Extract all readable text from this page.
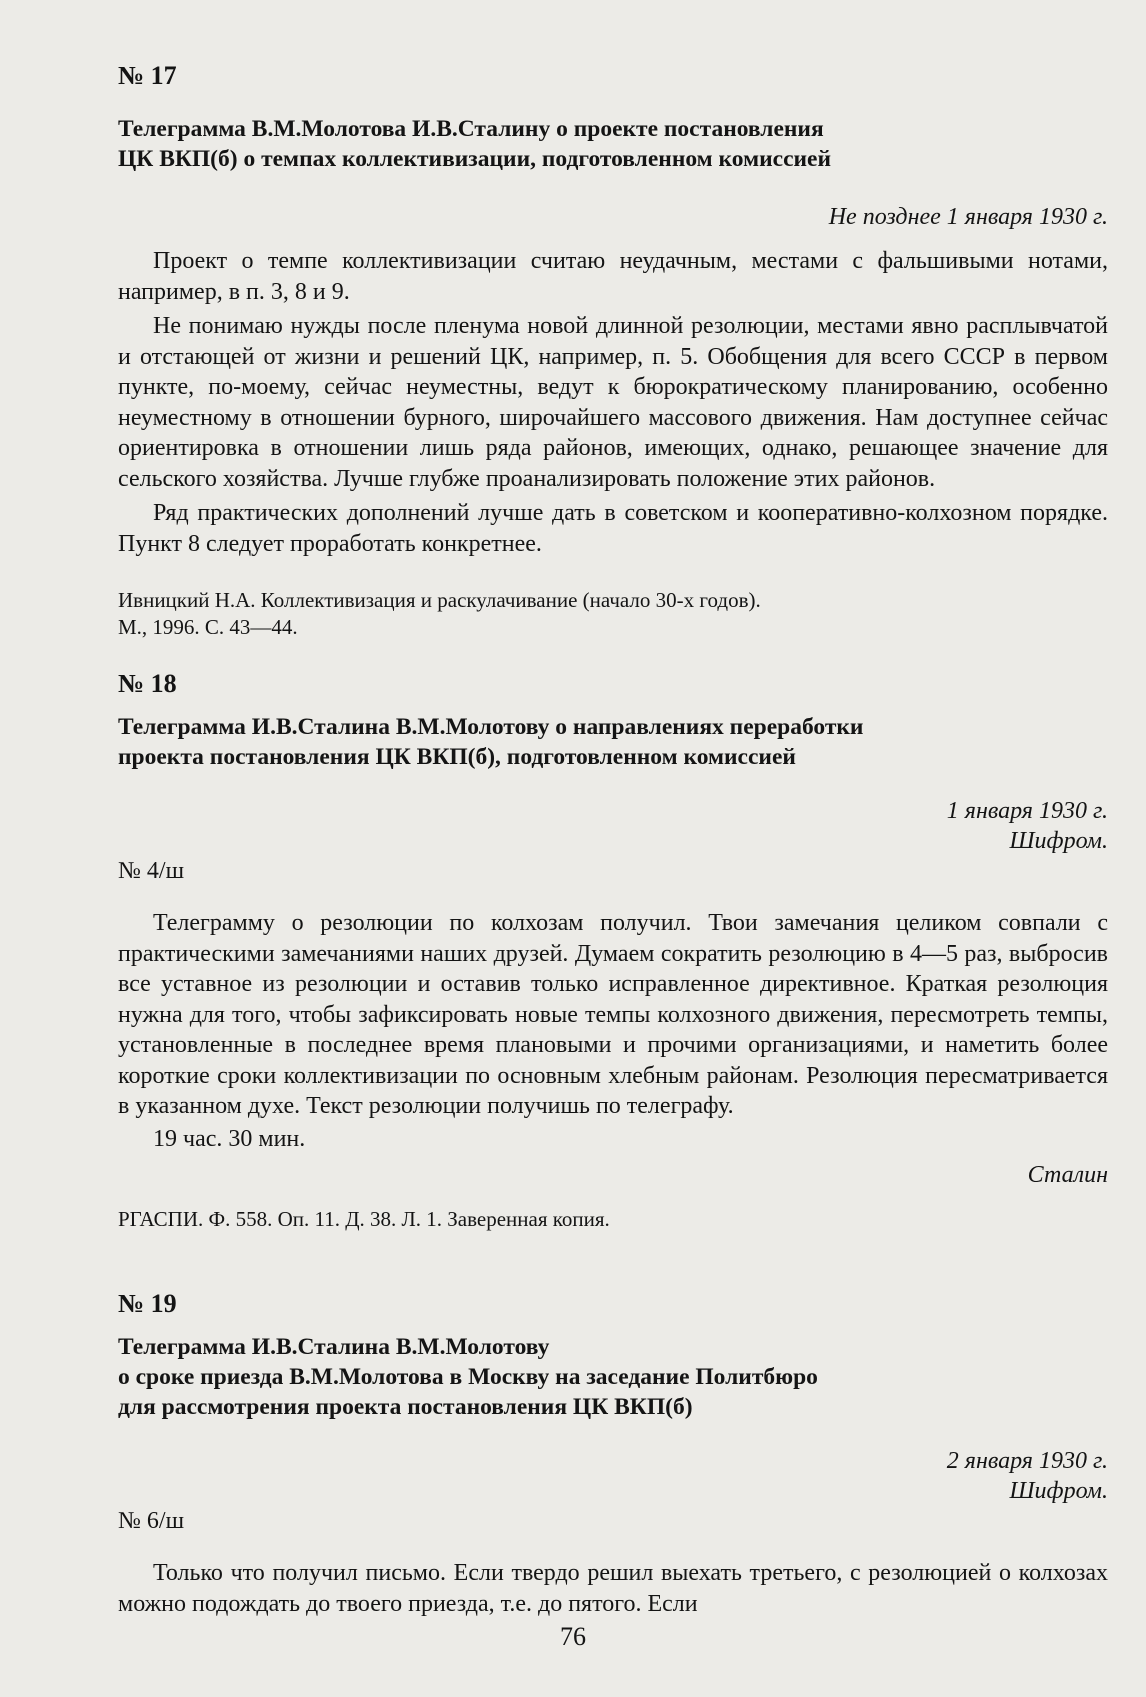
№ 17

Телеграмма В.М.Молотова И.В.Сталину о проекте постановления
ЦК ВКП(б) о темпах коллективизации, подготовленном комиссией

Не позднее 1 января 1930 г.

Проект о темпе коллективизации считаю неудачным, местами с фальшивыми нотами, например, в п. 3, 8 и 9.

Не понимаю нужды после пленума новой длинной резолюции, местами явно расплывчатой и отстающей от жизни и решений ЦК, например, п. 5. Обобщения для всего СССР в первом пункте, по-моему, сейчас неуместны, ведут к бюрократическому планированию, особенно неуместному в отношении бурного, широчайшего массового движения. Нам доступнее сейчас ориентировка в отношении лишь ряда районов, имеющих, однако, решающее значение для сельского хозяйства. Лучше глубже проанализировать положение этих районов.

Ряд практических дополнений лучше дать в советском и кооперативно-колхозном порядке. Пункт 8 следует проработать конкретнее.

Ивницкий Н.А. Коллективизация и раскулачивание (начало 30-х годов).
М., 1996. С. 43—44.

№ 18

Телеграмма И.В.Сталина В.М.Молотову о направлениях переработки
проекта постановления ЦК ВКП(б), подготовленном комиссией

1 января 1930 г.

Шифром.

№ 4/ш

Телеграмму о резолюции по колхозам получил. Твои замечания целиком совпали с практическими замечаниями наших друзей. Думаем сократить резолюцию в 4—5 раз, выбросив все уставное из резолюции и оставив только исправленное директивное. Краткая резолюция нужна для того, чтобы зафиксировать новые темпы колхозного движения, пересмотреть темпы, установленные в последнее время плановыми и прочими организациями, и наметить более короткие сроки коллективизации по основным хлебным районам. Резолюция пересматривается в указанном духе. Текст резолюции получишь по телеграфу.

19 час. 30 мин.

Сталин

РГАСПИ. Ф. 558. Оп. 11. Д. 38. Л. 1. Заверенная копия.

№ 19

Телеграмма И.В.Сталина В.М.Молотову
о сроке приезда В.М.Молотова в Москву на заседание Политбюро
для рассмотрения проекта постановления ЦК ВКП(б)

2 января 1930 г.

Шифром.

№ 6/ш

Только что получил письмо. Если твердо решил выехать третьего, с резолюцией о колхозах можно подождать до твоего приезда, т.е. до пятого. Если

76
